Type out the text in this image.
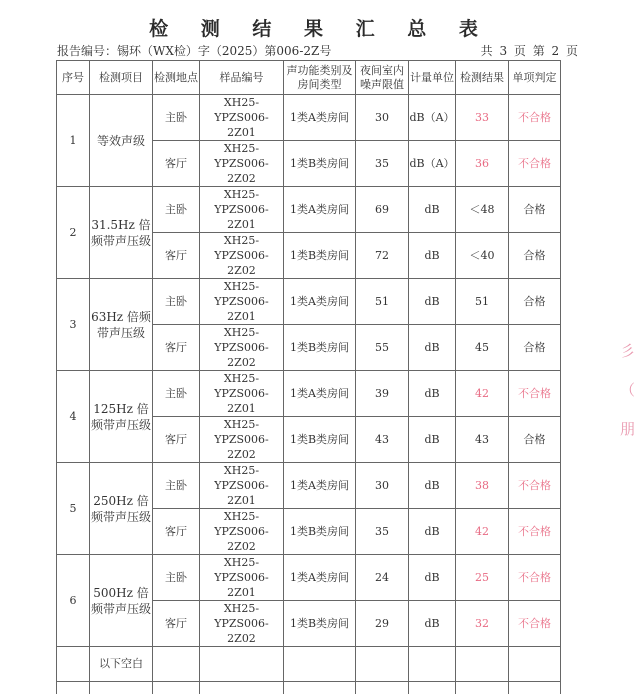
检 测 结 果 汇 总 表
报告编号：锡环（WX检）字（2025）第006-2Z号	共 3 页 第 2 页
序号	检测项目	检测地点	样品编号	声功能类别及房间类型	夜间室内噪声限值	计量单位	检测结果	单项判定
1	等效声级	主卧	XH25-YPZS006-2Z01	1类A类房间	30	dB（A）	33	不合格
		客厅	XH25-YPZS006-2Z02	1类B类房间	35	dB（A）	36	不合格
2	31.5Hz 倍频带声压级	主卧	XH25-YPZS006-2Z01	1类A类房间	69	dB	＜48	合格
		客厅	XH25-YPZS006-2Z02	1类B类房间	72	dB	＜40	合格
3	63Hz 倍频带声压级	主卧	XH25-YPZS006-2Z01	1类A类房间	51	dB	51	合格
		客厅	XH25-YPZS006-2Z02	1类B类房间	55	dB	45	合格
4	125Hz 倍频带声压级	主卧	XH25-YPZS006-2Z01	1类A类房间	39	dB	42	不合格
		客厅	XH25-YPZS006-2Z02	1类B类房间	43	dB	43	合格
5	250Hz 倍频带声压级	主卧	XH25-YPZS006-2Z01	1类A类房间	30	dB	38	不合格
		客厅	XH25-YPZS006-2Z02	1类B类房间	35	dB	42	不合格
6	500Hz 倍频带声压级	主卧	XH25-YPZS006-2Z01	1类A类房间	24	dB	25	不合格
		客厅	XH25-YPZS006-2Z02	1类B类房间	29	dB	32	不合格
	以下空白							

彡
（
朋
